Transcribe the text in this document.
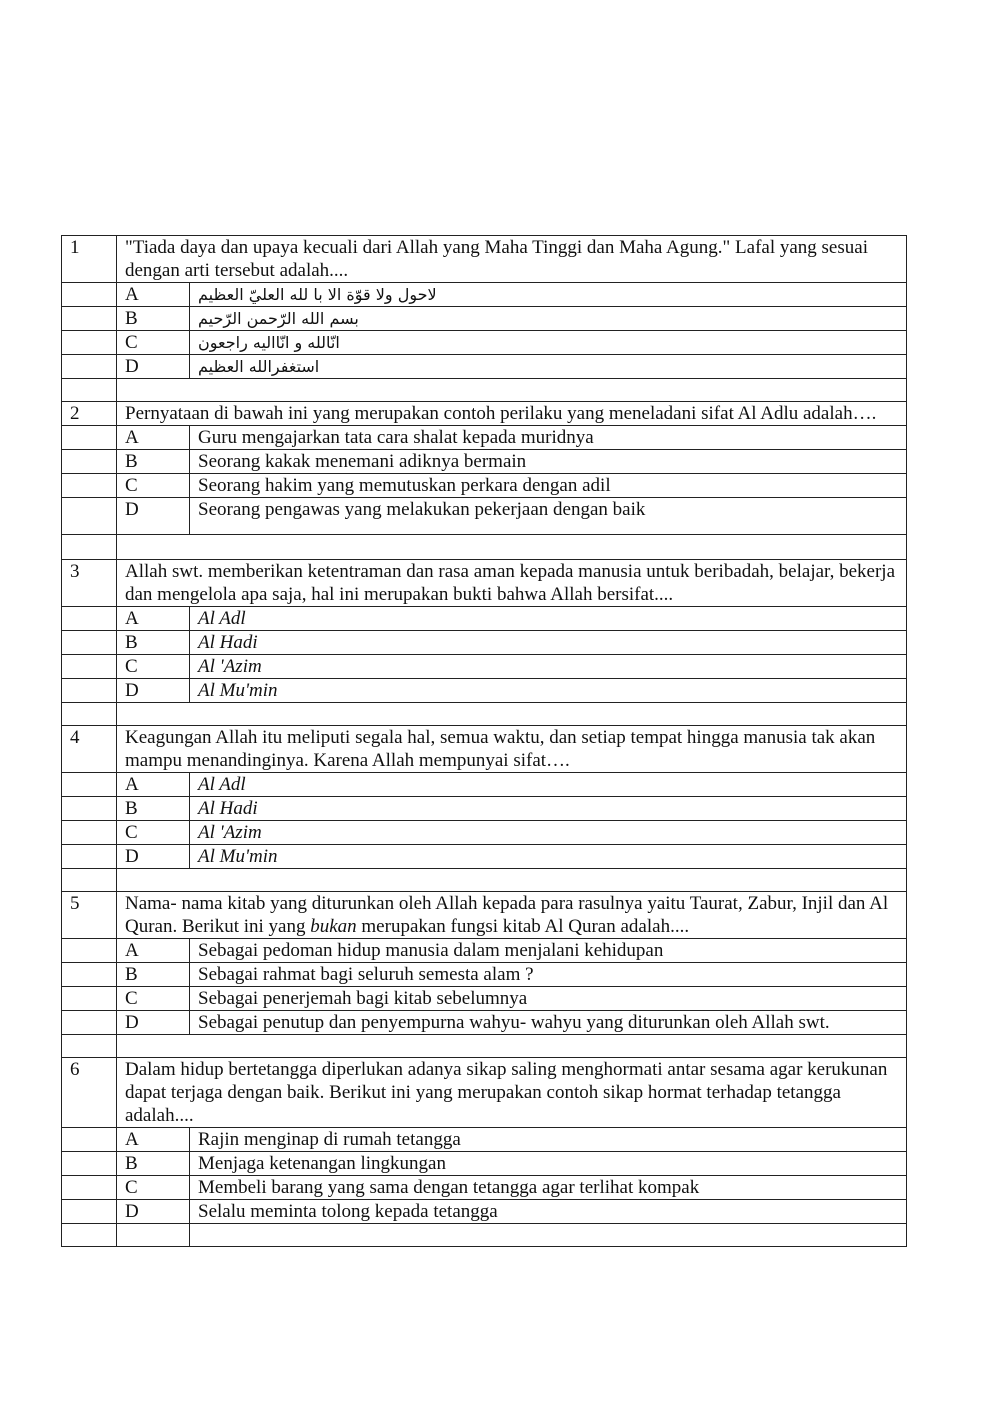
1	"Tiada daya dan upaya kecuali dari Allah yang Maha Tinggi dan Maha Agung." Lafal yang sesuai dengan arti tersebut adalah....	
	A	لاحول ولا قوّة الا با لله العليّ العظيم
	B	بسم الله الرّحمن الرّحيم
	C	انّالله و انّااليه راجعون
	D	استغفرالله العظيم

2	Pernyataan di bawah ini yang merupakan contoh perilaku yang meneladani sifat Al Adlu adalah….	
	A	Guru mengajarkan tata cara shalat kepada muridnya
	B	Seorang kakak menemani adiknya bermain
	C	Seorang hakim yang memutuskan perkara dengan adil
	D	Seorang pengawas yang melakukan pekerjaan dengan baik

3	Allah swt. memberikan ketentraman dan rasa aman kepada manusia untuk beribadah, belajar, bekerja dan mengelola apa saja, hal ini merupakan bukti bahwa Allah bersifat....	
	A	Al Adl
	B	Al Hadi
	C	Al 'Azim
	D	Al Mu'min

4	Keagungan Allah itu meliputi segala hal, semua waktu, dan setiap tempat hingga manusia tak akan mampu menandinginya. Karena Allah mempunyai sifat….	
	A	Al Adl
	B	Al Hadi
	C	Al 'Azim
	D	Al Mu'min

5	Nama- nama kitab yang diturunkan oleh Allah kepada para rasulnya yaitu Taurat, Zabur, Injil dan Al Quran. Berikut ini yang bukan merupakan fungsi kitab Al Quran adalah....	
	A	Sebagai pedoman hidup manusia dalam menjalani kehidupan
	B	Sebagai rahmat bagi seluruh semesta alam ?
	C	Sebagai penerjemah bagi kitab sebelumnya
	D	Sebagai penutup dan penyempurna wahyu- wahyu yang diturunkan oleh Allah swt.

6	Dalam hidup bertetangga diperlukan adanya sikap saling menghormati antar sesama agar kerukunan dapat terjaga dengan baik. Berikut ini yang merupakan contoh sikap hormat terhadap tetangga adalah....	
	A	Rajin menginap di rumah tetangga
	B	Menjaga ketenangan lingkungan
	C	Membeli barang yang sama dengan tetangga agar terlihat kompak
	D	Selalu meminta tolong kepada tetangga
